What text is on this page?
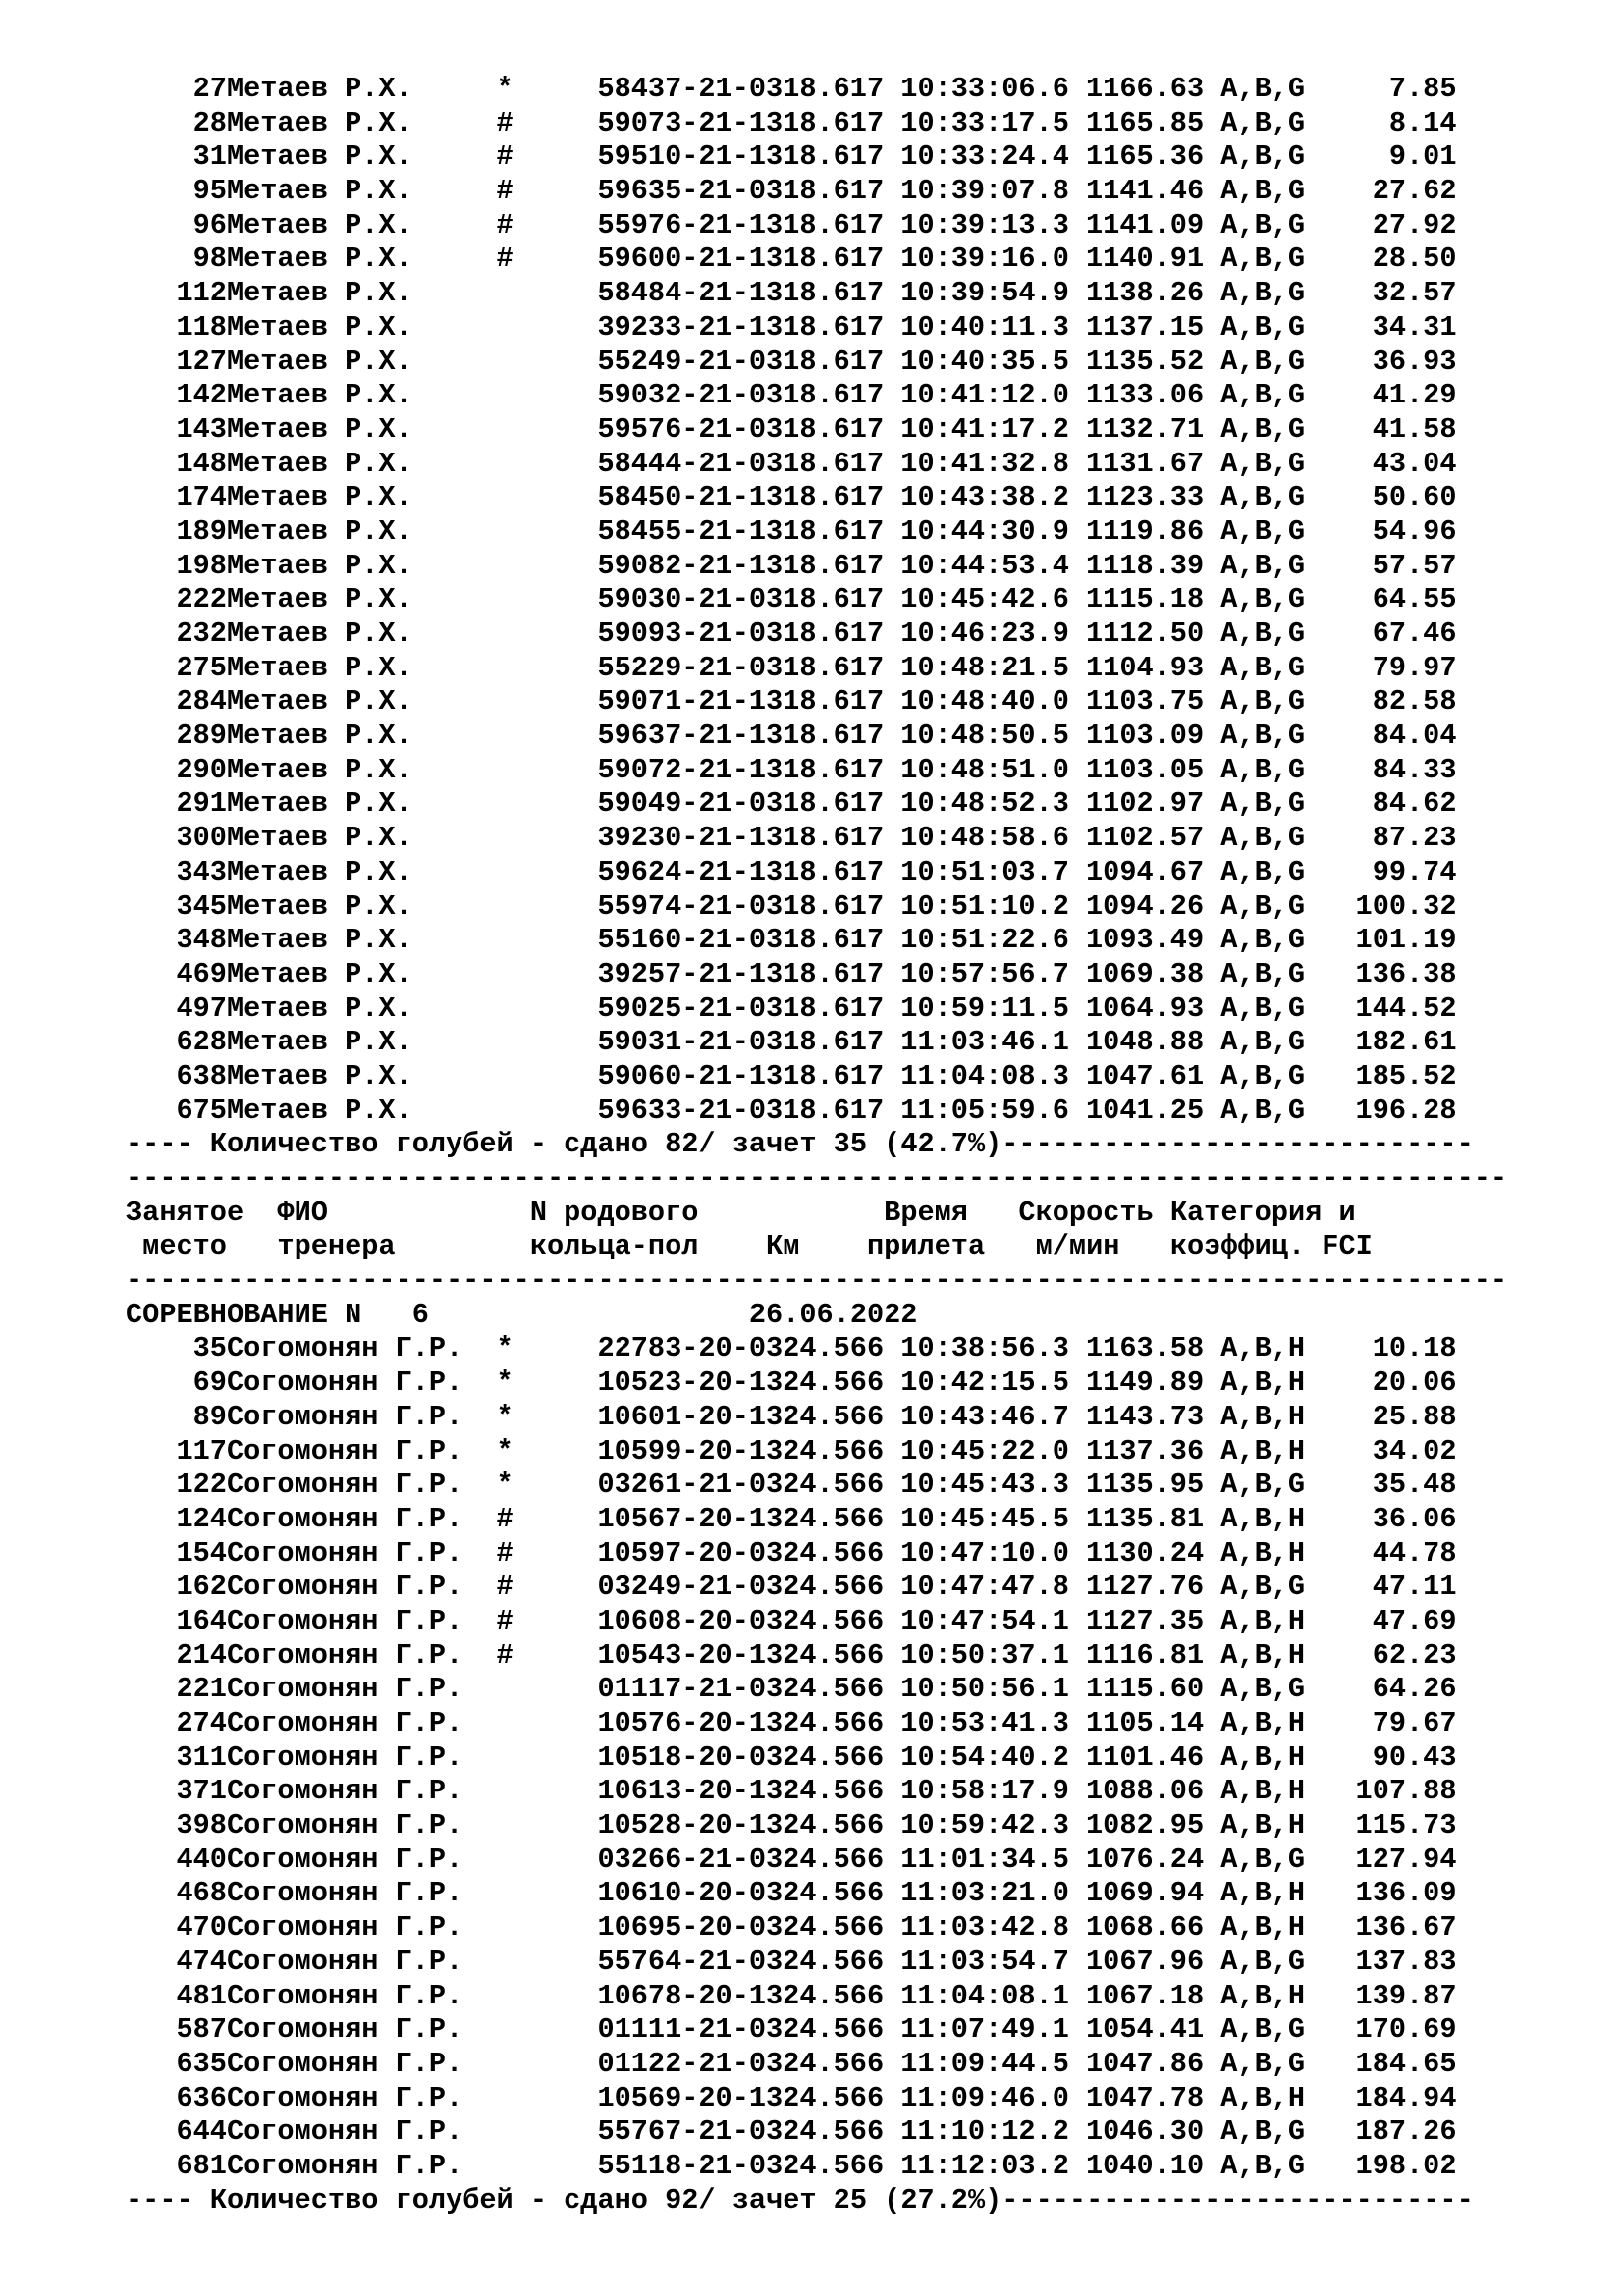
27Метаев Р.Х.	*	58437-21-0318.617 10:33:06.6 1166.63 A,B,G	7.85
28Метаев Р.Х.	#	59073-21-1318.617 10:33:17.5 1165.85 A,B,G	8.14
31Метаев Р.Х.	#	59510-21-1318.617 10:33:24.4 1165.36 A,B,G	9.01
95Метаев Р.Х.	#	59635-21-0318.617 10:39:07.8 1141.46 A,B,G 27.62
96Метаев Р.Х.	#	55976-21-1318.617 10:39:13.3 1141.09 A,B,G 27.92
98Метаев Р.Х.	#	59600-21-1318.617 10:39:16.0 1140.91 A,B,G 28.50
112Метаев Р.Х.	58484-21-1318.617 10:39:54.9 1138.26 A,B,G 32.57
118Метаев Р.Х.	39233-21-1318.617 10:40:11.3 1137.15 A,B,G 34.31
127Метаев Р.Х.	55249-21-0318.617 10:40:35.5 1135.52 A,B,G 36.93
142Метаев Р.Х.	59032-21-0318.617 10:41:12.0 1133.06 A,B,G 41.29
143Метаев Р.Х.	59576-21-0318.617 10:41:17.2 1132.71 A,B,G 41.58
148Метаев Р.Х.	58444-21-0318.617 10:41:32.8 1131.67 A,B,G 43.04
174Метаев Р.Х.	58450-21-1318.617 10:43:38.2 1123.33 A,B,G 50.60
189Метаев Р.Х.	58455-21-1318.617 10:44:30.9 1119.86 A,B,G 54.96
198Метаев Р.Х.	59082-21-1318.617 10:44:53.4 1118.39 A,B,G 57.57
222Метаев Р.Х.	59030-21-0318.617 10:45:42.6 1115.18 A,B,G 64.55
232Метаев Р.Х.	59093-21-0318.617 10:46:23.9 1112.50 A,B,G 67.46
275Метаев Р.Х.	55229-21-0318.617 10:48:21.5 1104.93 A,B,G 79.97
284Метаев Р.Х.	59071-21-1318.617 10:48:40.0 1103.75 A,B,G 82.58
289Метаев Р.Х.	59637-21-1318.617 10:48:50.5 1103.09 A,B,G 84.04
290Метаев Р.Х.	59072-21-1318.617 10:48:51.0 1103.05 A,B,G 84.33
291Метаев Р.Х.	59049-21-0318.617 10:48:52.3 1102.97 A,B,G 84.62
300Метаев Р.Х.	39230-21-1318.617 10:48:58.6 1102.57 A,B,G 87.23
343Метаев Р.Х.	59624-21-1318.617 10:51:03.7 1094.67 A,B,G 99.74
345Метаев Р.Х.	55974-21-0318.617 10:51:10.2 1094.26 A,B,G 100.32
348Метаев Р.Х.	55160-21-0318.617 10:51:22.6 1093.49 A,B,G 101.19
469Метаев Р.Х.	39257-21-1318.617 10:57:56.7 1069.38 A,B,G 136.38
497Метаев Р.Х.	59025-21-0318.617 10:59:11.5 1064.93 A,B,G 144.52
628Метаев Р.Х.	59031-21-0318.617 11:03:46.1 1048.88 A,B,G 182.61
638Метаев Р.Х.	59060-21-1318.617 11:04:08.3 1047.61 A,B,G 185.52
675Метаев Р.Х.	59633-21-0318.617 11:05:59.6 1041.25 A,B,G 196.28
---- Количество голубей - сдано 82/ зачет 35 (42.7%)----------------------------
----------------------------------------------------------------------------------
Занятое  ФИО            N родового           Время   Скорость Категория и
место   тренера        кольца-пол    Км    прилета   м/мин   коэффиц. FCI
----------------------------------------------------------------------------------
СОРЕВНОВАНИЕ N   6	26.06.2022
35Согомонян Г.Р. *	22783-20-0324.566 10:38:56.3 1163.58 A,B,H 10.18
69Согомонян Г.Р. *	10523-20-1324.566 10:42:15.5 1149.89 A,B,H 20.06
89Согомонян Г.Р. *	10601-20-1324.566 10:43:46.7 1143.73 A,B,H 25.88
117Согомонян Г.Р. *	10599-20-1324.566 10:45:22.0 1137.36 A,B,H 34.02
122Согомонян Г.Р. *	03261-21-0324.566 10:45:43.3 1135.95 A,B,G 35.48
124Согомонян Г.Р. #	10567-20-1324.566 10:45:45.5 1135.81 A,B,H 36.06
154Согомонян Г.Р. #	10597-20-0324.566 10:47:10.0 1130.24 A,B,H 44.78
162Согомонян Г.Р. #	03249-21-0324.566 10:47:47.8 1127.76 A,B,G 47.11
164Согомонян Г.Р. #	10608-20-0324.566 10:47:54.1 1127.35 A,B,H 47.69
214Согомонян Г.Р. #	10543-20-1324.566 10:50:37.1 1116.81 A,B,H 62.23
221Согомонян Г.Р.	01117-21-0324.566 10:50:56.1 1115.60 A,B,G 64.26
274Согомонян Г.Р.	10576-20-1324.566 10:53:41.3 1105.14 A,B,H 79.67
311Согомонян Г.Р.	10518-20-0324.566 10:54:40.2 1101.46 A,B,H 90.43
371Согомонян Г.Р.	10613-20-1324.566 10:58:17.9 1088.06 A,B,H 107.88
398Согомонян Г.Р.	10528-20-1324.566 10:59:42.3 1082.95 A,B,H 115.73
440Согомонян Г.Р.	03266-21-0324.566 11:01:34.5 1076.24 A,B,G 127.94
468Согомонян Г.Р.	10610-20-0324.566 11:03:21.0 1069.94 A,B,H 136.09
470Согомонян Г.Р.	10695-20-0324.566 11:03:42.8 1068.66 A,B,H 136.67
474Согомонян Г.Р.	55764-21-0324.566 11:03:54.7 1067.96 A,B,G 137.83
481Согомонян Г.Р.	10678-20-1324.566 11:04:08.1 1067.18 A,B,H 139.87
587Согомонян Г.Р.	01111-21-0324.566 11:07:49.1 1054.41 A,B,G 170.69
635Согомонян Г.Р.	01122-21-0324.566 11:09:44.5 1047.86 A,B,G 184.65
636Согомонян Г.Р.	10569-20-1324.566 11:09:46.0 1047.78 A,B,H 184.94
644Согомонян Г.Р.	55767-21-0324.566 11:10:12.2 1046.30 A,B,G 187.26
681Согомонян Г.Р.	55118-21-0324.566 11:12:03.2 1040.10 A,B,G 198.02
---- Количество голубей - сдано 92/ зачет 25 (27.2%)----------------------------
